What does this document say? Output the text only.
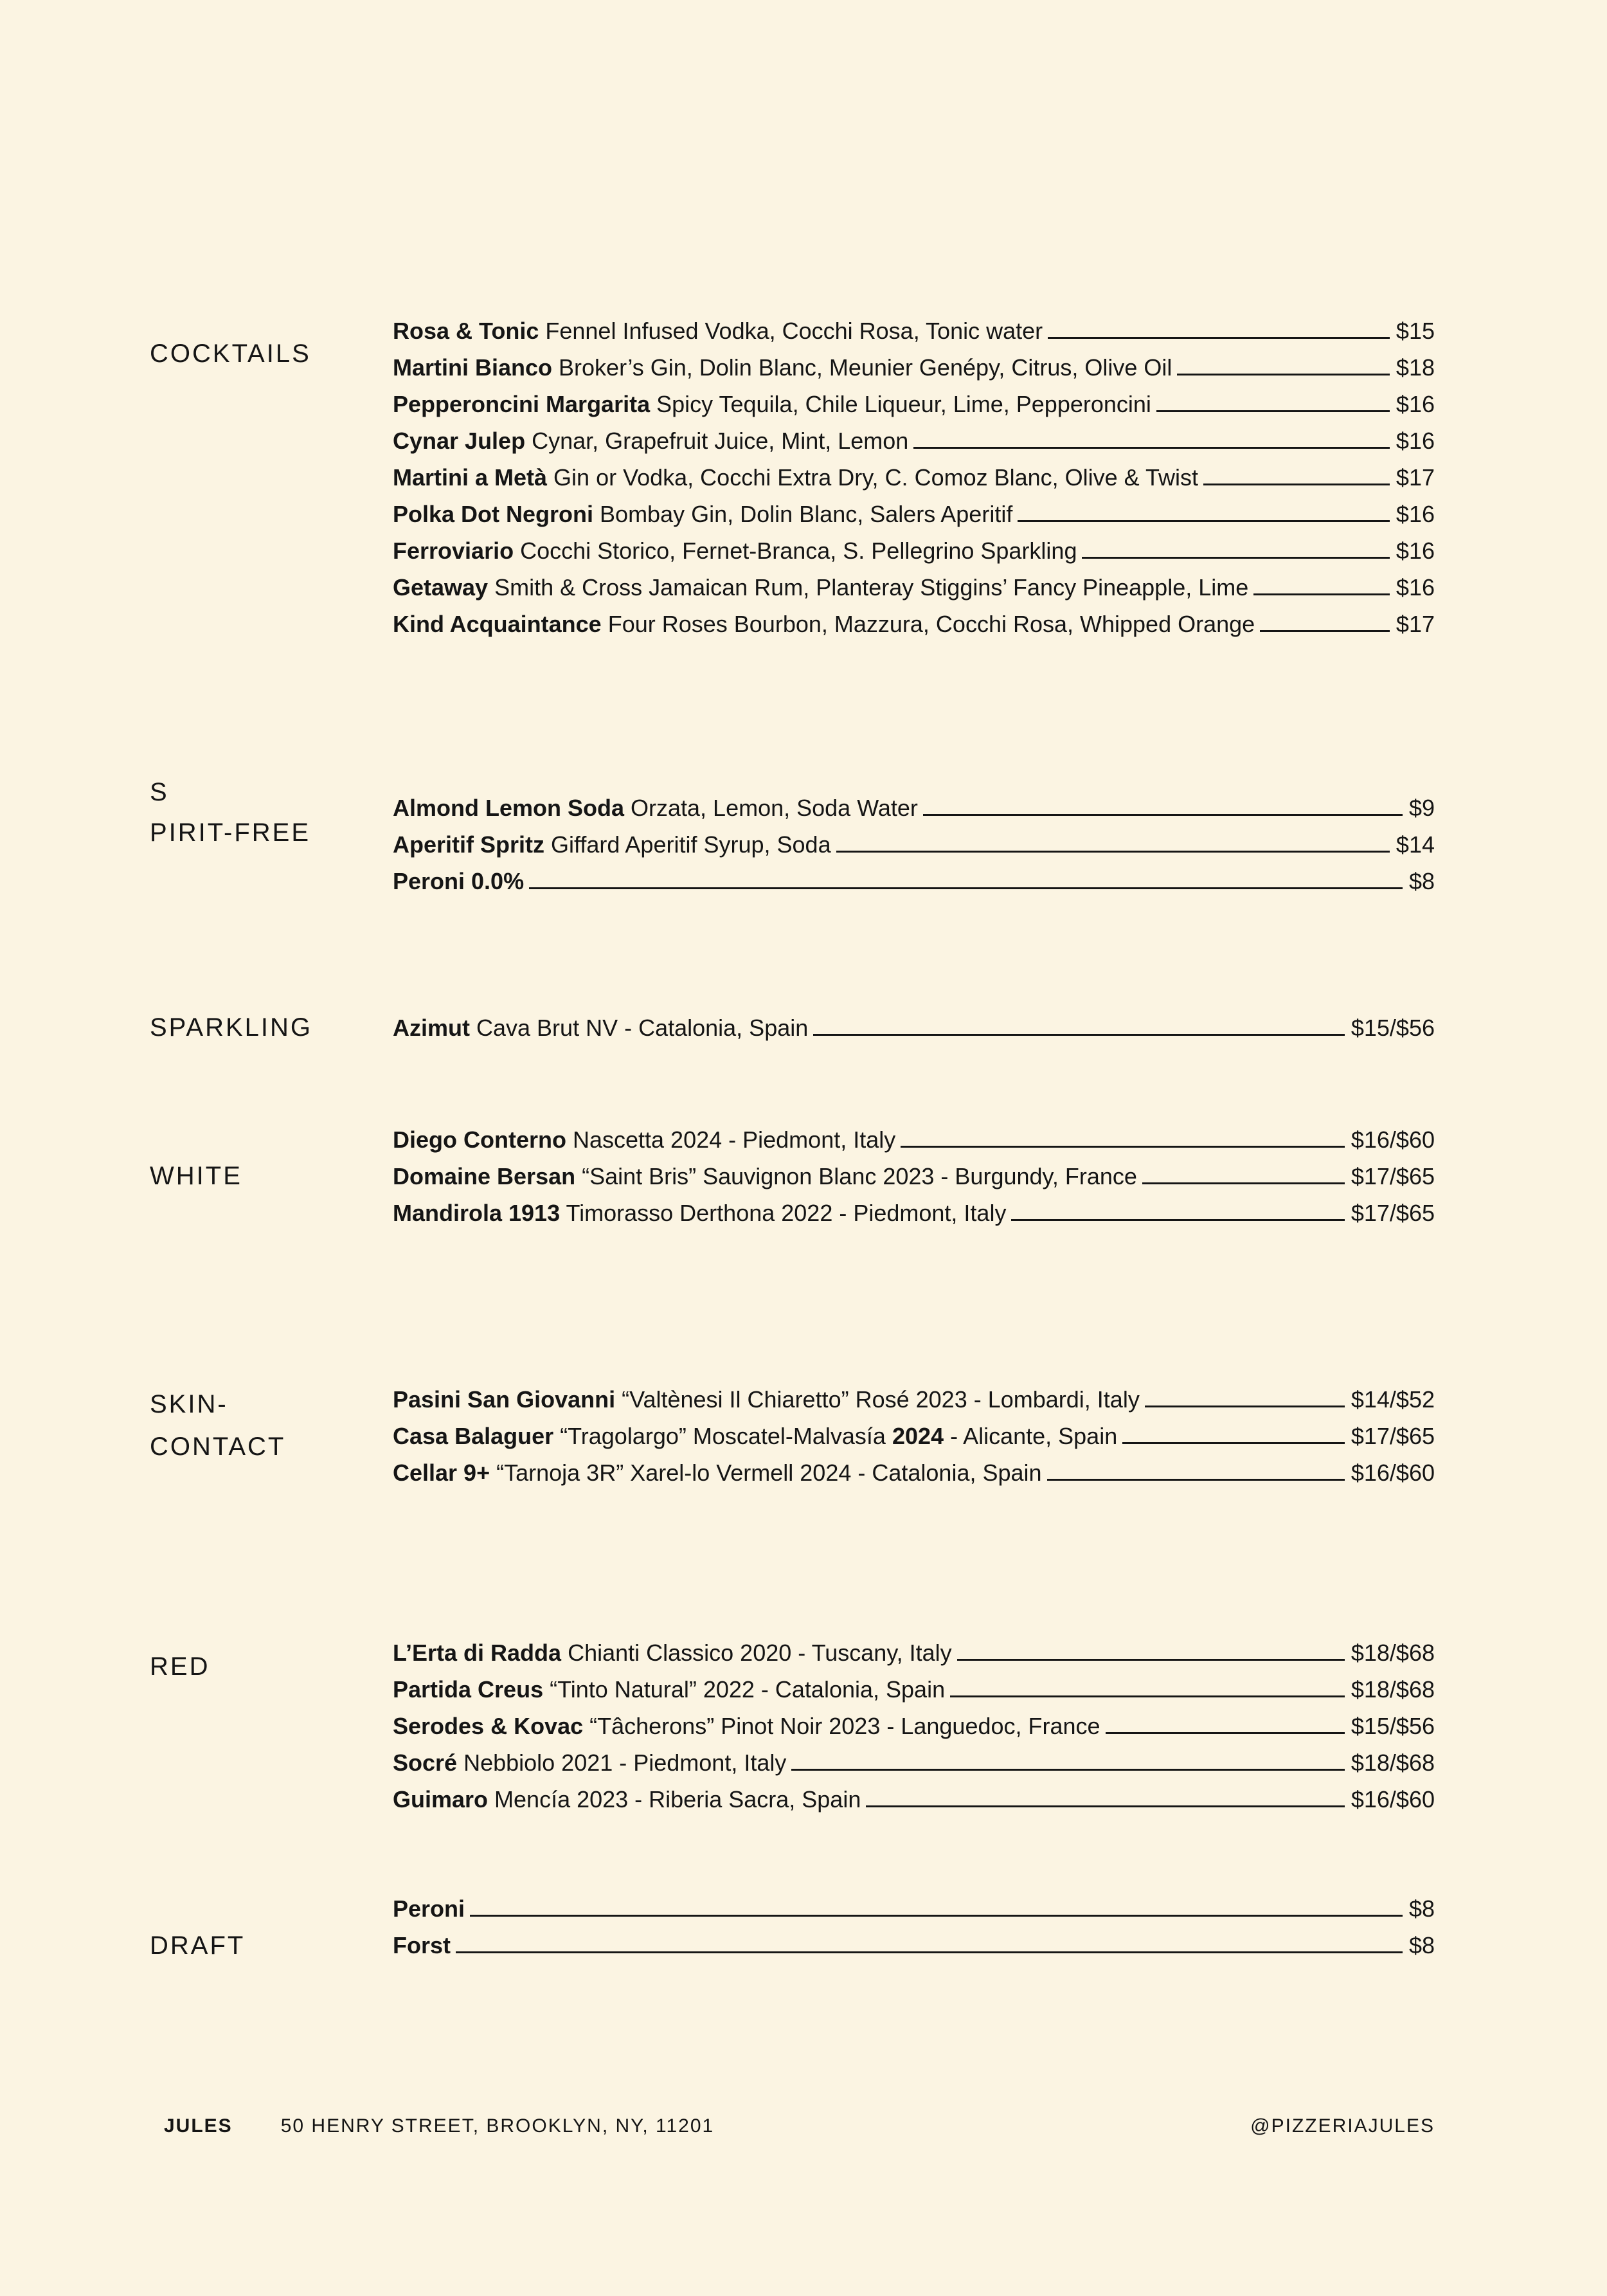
COCKTAILS
Rosa & Tonic Fennel Infused Vodka, Cocchi Rosa, Tonic water	$15
Martini Bianco Broker’s Gin, Dolin Blanc, Meunier Genépy, Citrus, Olive Oil	$18
Pepperoncini Margarita Spicy Tequila, Chile Liqueur, Lime, Pepperoncini	$16
Cynar Julep Cynar, Grapefruit Juice, Mint, Lemon	$16
Martini a Metà Gin or Vodka, Cocchi Extra Dry, C. Comoz Blanc, Olive & Twist	$17
Polka Dot Negroni Bombay Gin, Dolin Blanc, Salers Aperitif	$16
Ferroviario Cocchi Storico, Fernet-Branca, S. Pellegrino Sparkling	$16
Getaway Smith & Cross Jamaican Rum, Planteray Stiggins’ Fancy Pineapple, Lime	$16
Kind Acquaintance Four Roses Bourbon, Mazzura, Cocchi Rosa, Whipped Orange	$17
S
PIRIT-FREE
Almond Lemon Soda Orzata, Lemon, Soda Water	$9
Aperitif Spritz Giffard Aperitif Syrup, Soda	$14
Peroni 0.0%	$8
SPARKLING	Azimut Cava Brut NV - Catalonia, Spain	$15/$56
WHITE
Diego Conterno Nascetta 2024 - Piedmont, Italy	$16/$60
Domaine Bersan “Saint Bris” Sauvignon Blanc 2023 - Burgundy, France	$17/$65
Mandirola 1913 Timorasso Derthona 2022 - Piedmont, Italy	$17/$65
SKIN-
CONTACT
Pasini San Giovanni “Valtènesi Il Chiaretto” Rosé 2023 - Lombardi, Italy	$14/$52
Casa Balaguer “Tragolargo” Moscatel-Malvasía 2024 - Alicante, Spain	$17/$65
Cellar 9+ “Tarnoja 3R” Xarel-lo Vermell 2024 - Catalonia, Spain	$16/$60
RED	L’Erta di Radda Chianti Classico 2020 - Tuscany, Italy	$18/$68
Partida Creus “Tinto Natural” 2022 - Catalonia, Spain	$18/$68
Serodes & Kovac “Tâcherons” Pinot Noir 2023 - Languedoc, France	$15/$56
Socré Nebbiolo 2021 - Piedmont, Italy	$18/$68
Guimaro Mencía 2023 - Riberia Sacra, Spain	$16/$60
DRAFT
Peroni	$8
Forst	$8
JULES	50 HENRY STREET, BROOKLYN, NY, 11201	@PIZZERIAJULES
